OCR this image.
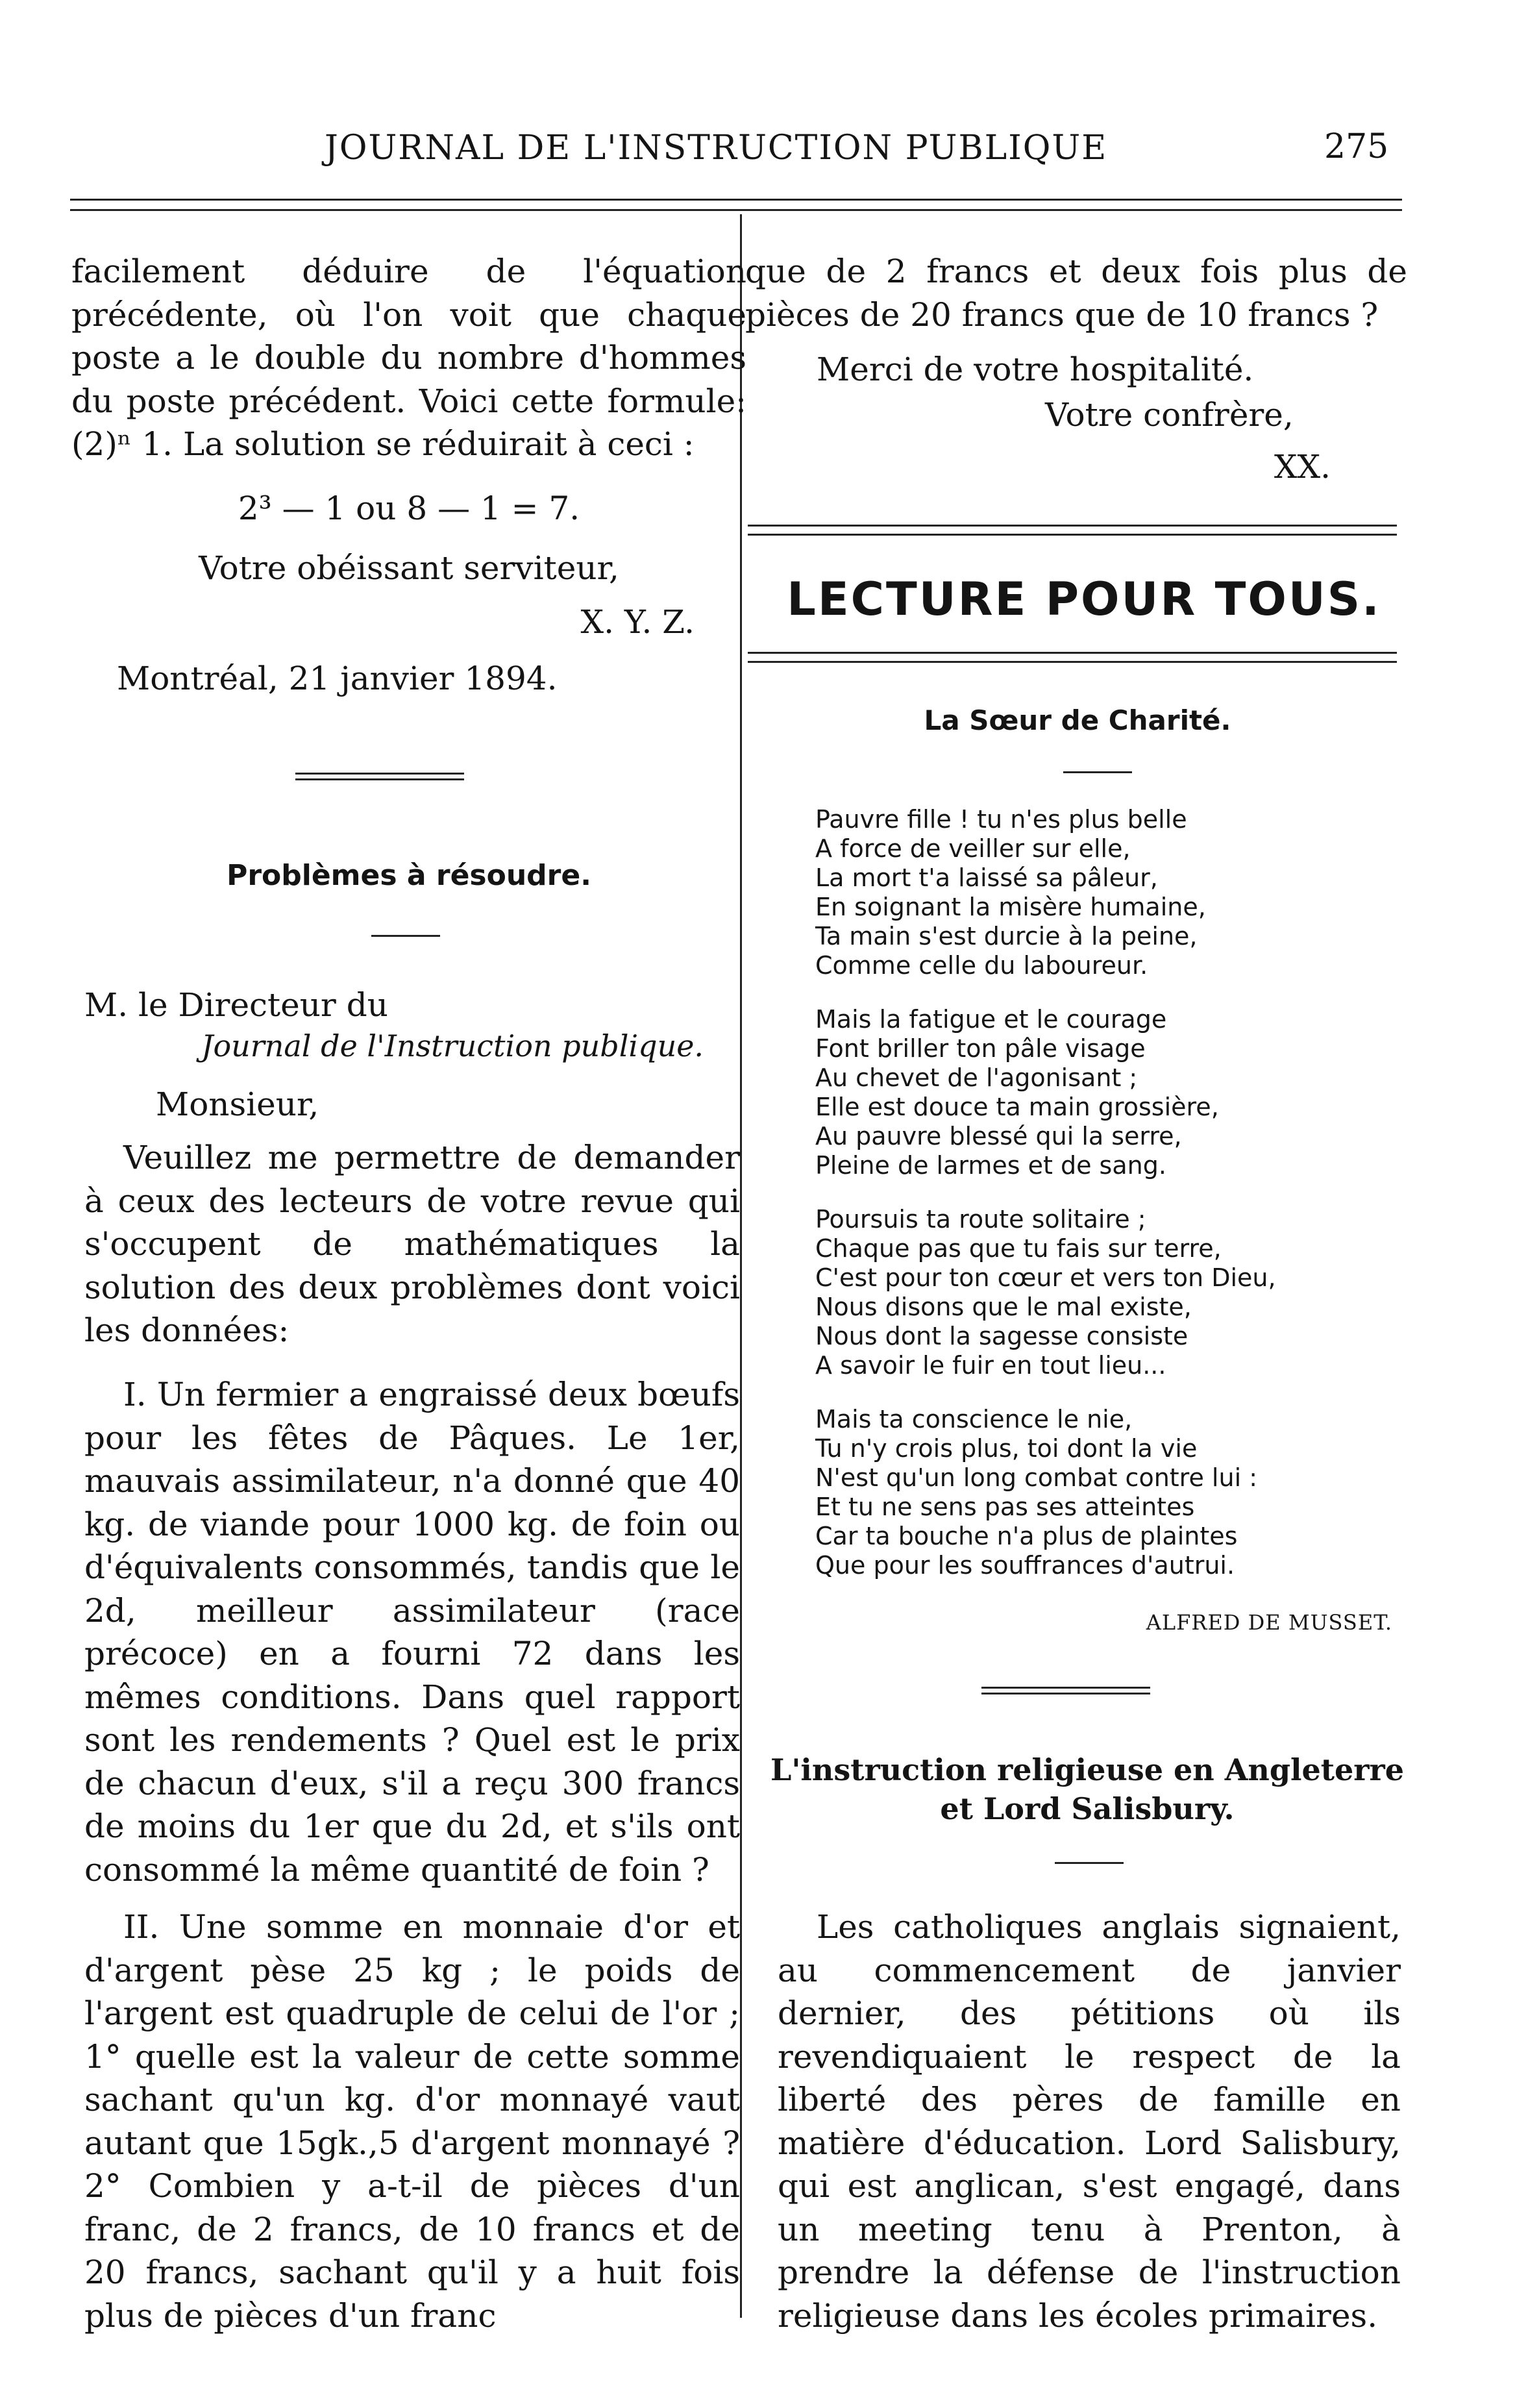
JOURNAL DE L'INSTRUCTION PUBLIQUE	275

facilement déduire de l'équation précédente, où l'on voit que chaque poste a le double du nombre d'hommes du poste précédent. Voici cette formule: (2)ⁿ 1. La solution se réduirait à ceci :

2³ — 1 ou 8 — 1 = 7.
Votre obéissant serviteur,
X. Y. Z.
Montréal, 21 janvier 1894.
Problèmes à résoudre.
M. le Directeur du
Journal de l'Instruction publique.
Monsieur,
Veuillez me permettre de demander à ceux des lecteurs de votre revue qui s'occupent de mathématiques la solution des deux problèmes dont voici les données:
I. Un fermier a engraissé deux bœufs pour les fêtes de Pâques. Le 1er, mauvais assimilateur, n'a donné que 40 kg. de viande pour 1000 kg. de foin ou d'équivalents consommés, tandis que le 2d, meilleur assimilateur (race précoce) en a fourni 72 dans les mêmes conditions. Dans quel rapport sont les rendements ? Quel est le prix de chacun d'eux, s'il a reçu 300 francs de moins du 1er que du 2d, et s'ils ont consommé la même quantité de foin ?
II. Une somme en monnaie d'or et d'argent pèse 25 kg ; le poids de l'argent est quadruple de celui de l'or ; 1° quelle est la valeur de cette somme sachant qu'un kg. d'or monnayé vaut autant que 15gk.,5 d'argent monnayé ? 2° Combien y a-t-il de pièces d'un franc, de 2 francs, de 10 francs et de 20 francs, sachant qu'il y a huit fois plus de pièces d'un franc
que de 2 francs et deux fois plus de pièces de 20 francs que de 10 francs ?
Merci de votre hospitalité.
Votre confrère,
XX.
LECTURE POUR TOUS.
La Sœur de Charité.

Pauvre fille ! tu n'es plus belle

A force de veiller sur elle,

La mort t'a laissé sa pâleur,

En soignant la misère humaine,

Ta main s'est durcie à la peine,

Comme celle du laboureur.

Mais la fatigue et le courage

Font briller ton pâle visage

Au chevet de l'agonisant ;

Elle est douce ta main grossière,

Au pauvre blessé qui la serre,

Pleine de larmes et de sang.

Poursuis ta route solitaire ;

Chaque pas que tu fais sur terre,

C'est pour ton cœur et vers ton Dieu,

Nous disons que le mal existe,

Nous dont la sagesse consiste

A savoir le fuir en tout lieu...

Mais ta conscience le nie,

Tu n'y crois plus, toi dont la vie

N'est qu'un long combat contre lui :

Et tu ne sens pas ses atteintes

Car ta bouche n'a plus de plaintes

Que pour les souffrances d'autrui.

ALFRED DE MUSSET.
L'instruction religieuse en Angleterre et Lord Salisbury.
Les catholiques anglais signaient, au commencement de janvier dernier, des pétitions où ils revendiquaient le respect de la liberté des pères de famille en matière d'éducation. Lord Salisbury, qui est anglican, s'est engagé, dans un meeting tenu à Prenton, à prendre la défense de l'instruction religieuse dans les écoles primaires.
